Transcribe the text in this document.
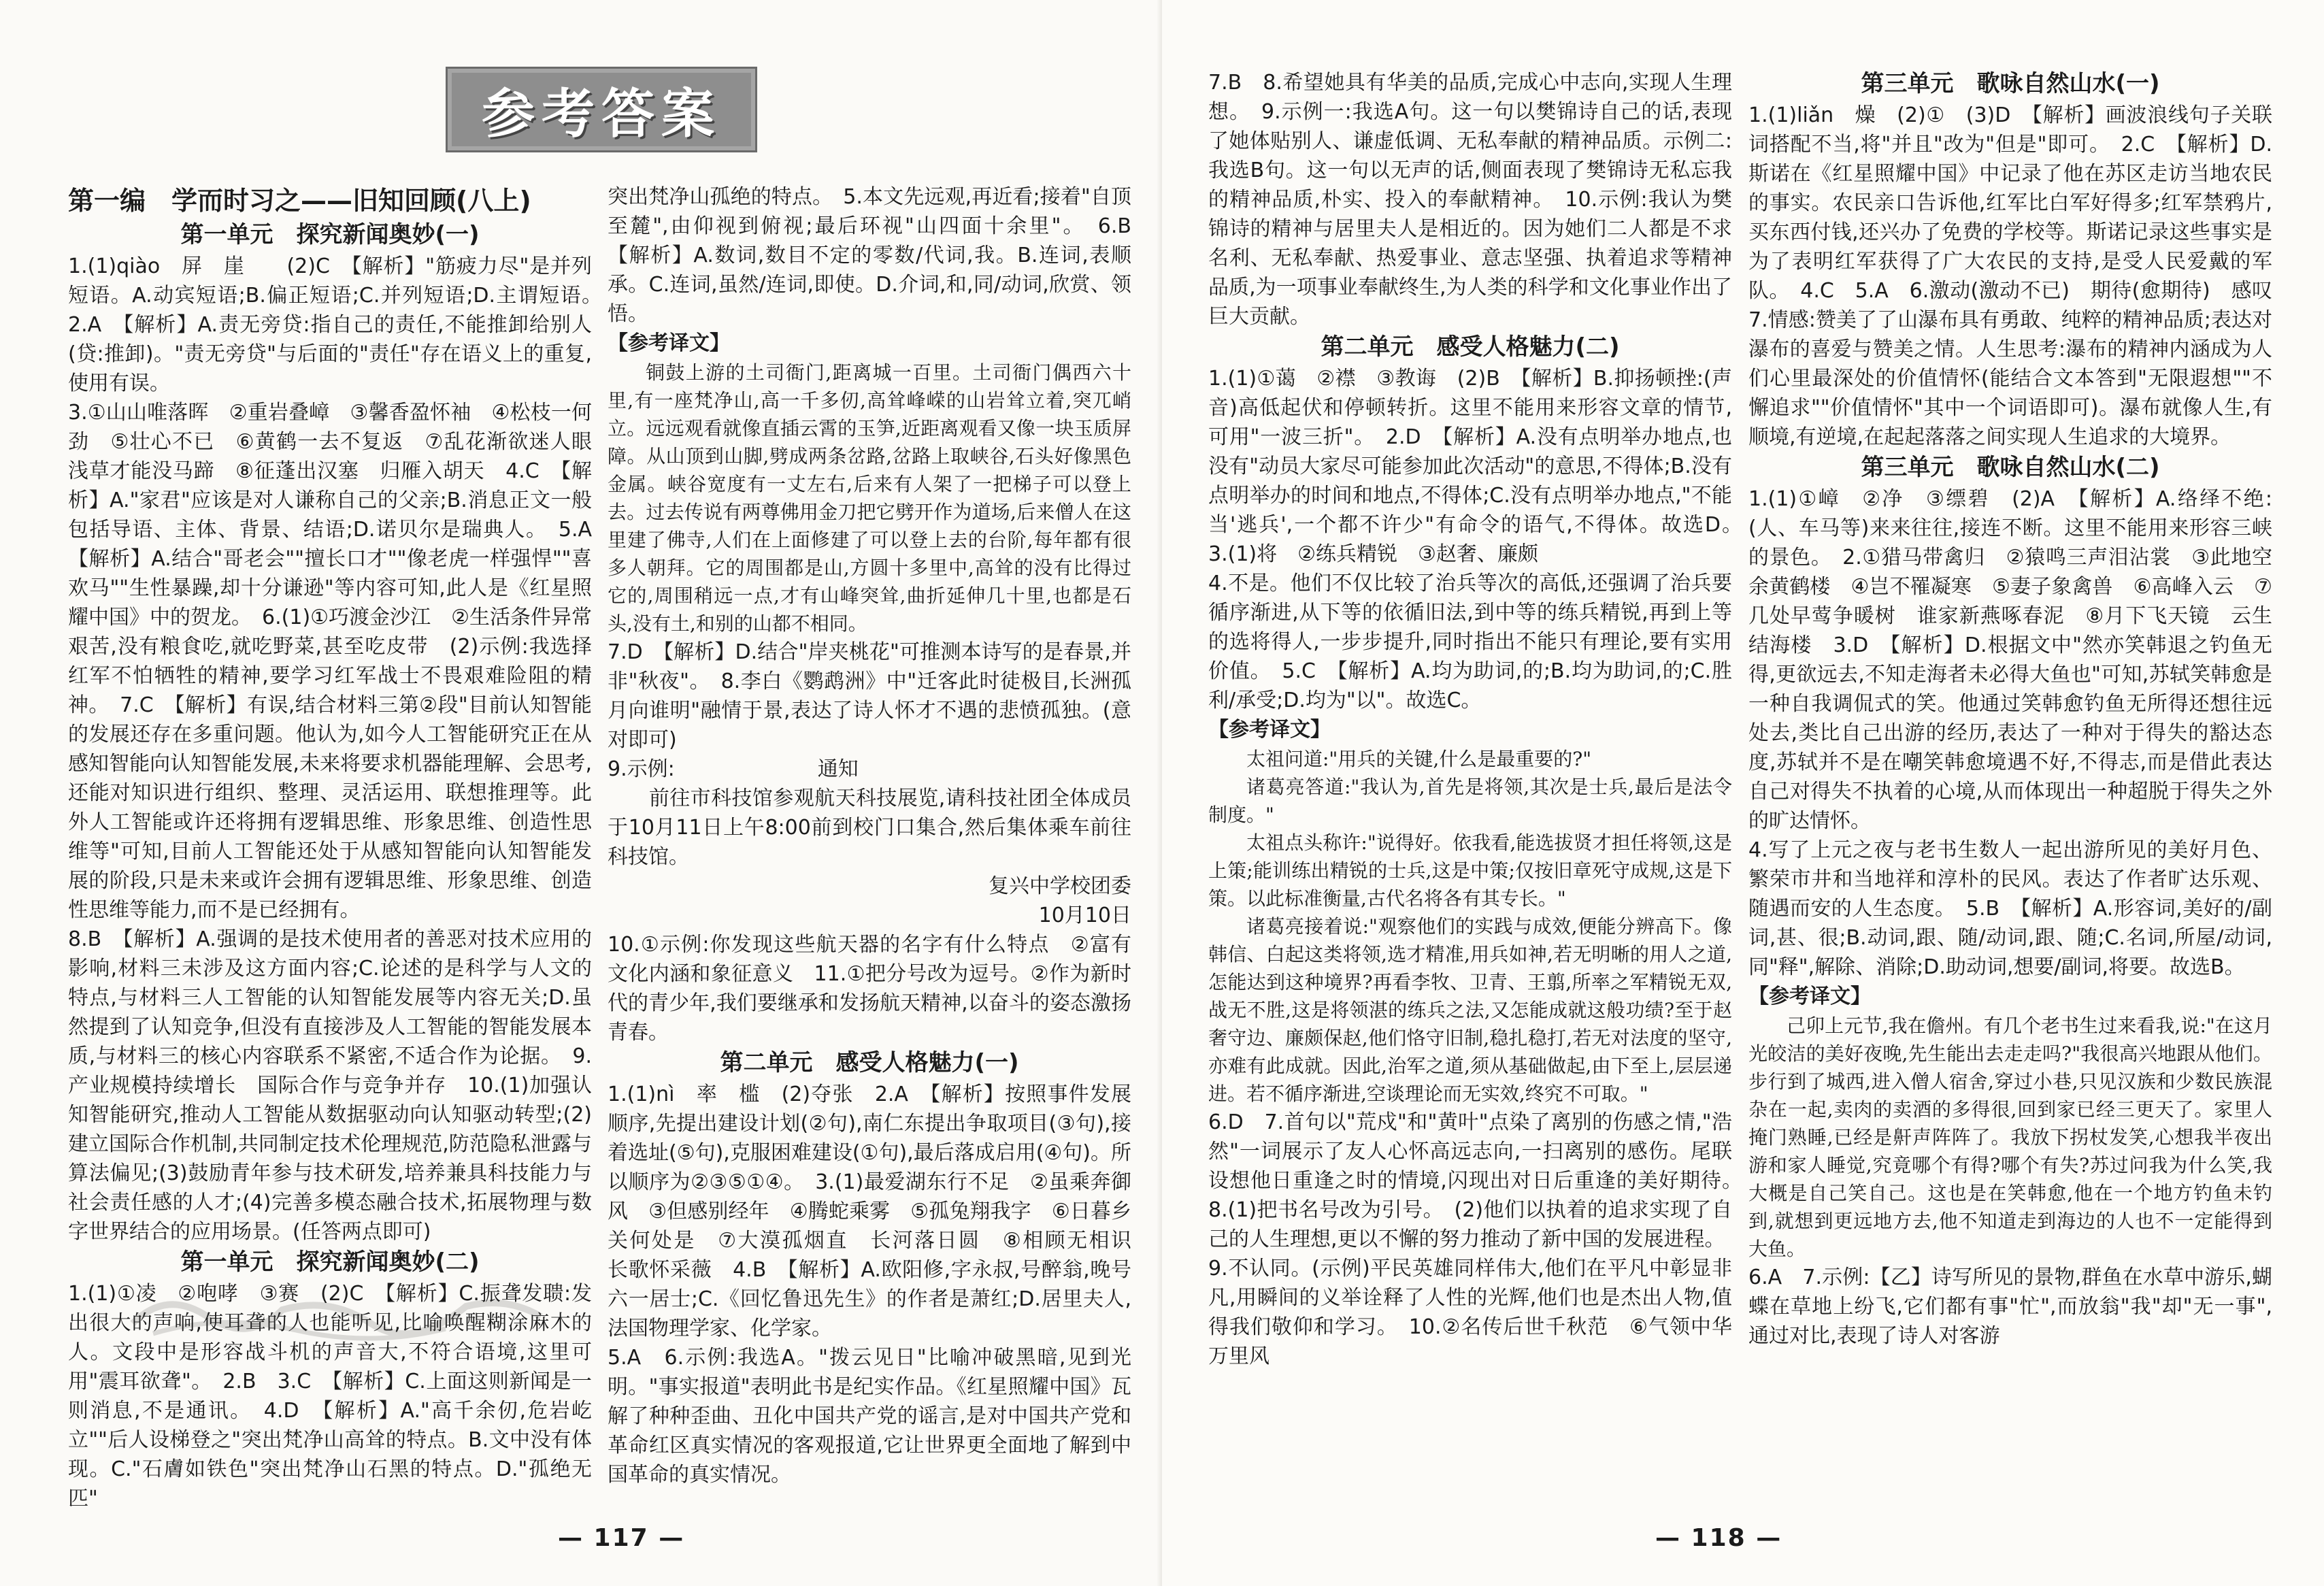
参考答案
第一编　学而时习之——旧知回顾(八上)

第一单元　探究新闻奥妙(一)

1.(1)qiào　屏　崖　　(2)C　【解析】"筋疲力尽"是并列短语。A.动宾短语;B.偏正短语;C.并列短语;D.主谓短语。　2.A　【解析】A.责无旁贷:指自己的责任,不能推卸给别人(贷:推卸)。"责无旁贷"与后面的"责任"存在语义上的重复,使用有误。

3.①山山唯落晖　②重岩叠嶂　③馨香盈怀袖　④松枝一何劲　⑤壮心不已　⑥黄鹤一去不复返　⑦乱花渐欲迷人眼　浅草才能没马蹄　⑧征蓬出汉塞　归雁入胡天　4.C　【解析】A."家君"应该是对人谦称自己的父亲;B.消息正文一般包括导语、主体、背景、结语;D.诺贝尔是瑞典人。　5.A　【解析】A.结合"哥老会""擅长口才""像老虎一样强悍""喜欢马""生性暴躁,却十分谦逊"等内容可知,此人是《红星照耀中国》中的贺龙。　6.(1)①巧渡金沙江　②生活条件异常艰苦,没有粮食吃,就吃野菜,甚至吃皮带　(2)示例:我选择红军不怕牺牲的精神,要学习红军战士不畏艰难险阻的精神。　7.C　【解析】有误,结合材料三第②段"目前认知智能的发展还存在多重问题。他认为,如今人工智能研究正在从感知智能向认知智能发展,未来将要求机器能理解、会思考,还能对知识进行组织、整理、灵活运用、联想推理等。此外人工智能或许还将拥有逻辑思维、形象思维、创造性思维等"可知,目前人工智能还处于从感知智能向认知智能发展的阶段,只是未来或许会拥有逻辑思维、形象思维、创造性思维等能力,而不是已经拥有。

8.B　【解析】A.强调的是技术使用者的善恶对技术应用的影响,材料三未涉及这方面内容;C.论述的是科学与人文的特点,与材料三人工智能的认知智能发展等内容无关;D.虽然提到了认知竞争,但没有直接涉及人工智能的智能发展本质,与材料三的核心内容联系不紧密,不适合作为论据。　9.产业规模持续增长　国际合作与竞争并存　10.(1)加强认知智能研究,推动人工智能从数据驱动向认知驱动转型;(2)建立国际合作机制,共同制定技术伦理规范,防范隐私泄露与算法偏见;(3)鼓励青年参与技术研发,培养兼具科技能力与社会责任感的人才;(4)完善多模态融合技术,拓展物理与数字世界结合的应用场景。(任答两点即可)

第一单元　探究新闻奥妙(二)

1.(1)①凌　②咆哮　③赛　(2)C　【解析】C.振聋发聩:发出很大的声响,使耳聋的人也能听见,比喻唤醒糊涂麻木的人。文段中是形容战斗机的声音大,不符合语境,这里可用"震耳欲聋"。　2.B　3.C　【解析】C.上面这则新闻是一则消息,不是通讯。　4.D　【解析】A."高千余仞,危岩屹立""后人设梯登之"突出梵净山高耸的特点。B.文中没有体现。C."石膚如铁色"突出梵净山石黑的特点。D."孤绝无匹"

突出梵净山孤绝的特点。　5.本文先远观,再近看;接着"自顶至麓",由仰视到俯视;最后环视"山四面十余里"。　6.B　【解析】A.数词,数目不定的零数/代词,我。B.连词,表顺承。C.连词,虽然/连词,即使。D.介词,和,同/动词,欣赏、领悟。

【参考译文】

铜鼓上游的土司衙门,距离城一百里。土司衙门偶西六十里,有一座梵净山,高一千多仞,高耸峰嵘的山岩耸立着,突兀峭立。远远观看就像直插云霄的玉笋,近距离观看又像一块玉质屏障。从山顶到山脚,劈成两条岔路,岔路上取峡谷,石头好像黑色金属。峡谷宽度有一丈左右,后来有人架了一把梯子可以登上去。过去传说有两尊佛用金刀把它劈开作为道场,后来僧人在这里建了佛寺,人们在上面修建了可以登上去的台阶,每年都有很多人朝拜。它的周围都是山,方圆十多里中,高耸的没有比得过它的,周围稍远一点,才有山峰突耸,曲折延伸几十里,也都是石头,没有土,和别的山都不相同。

7.D　【解析】D.结合"岸夹桃花"可推测本诗写的是春景,并非"秋夜"。　8.李白《鹦鹉洲》中"迁客此时徒极目,长洲孤月向谁明"融情于景,表达了诗人怀才不遇的悲愤孤独。(意对即可)

9.示例:　　　　　　　通知

　　前往市科技馆参观航天科技展览,请科技社团全体成员于10月11日上午8:00前到校门口集合,然后集体乘车前往科技馆。

复兴中学校团委

10月10日　

10.①示例:你发现这些航天器的名字有什么特点　②富有文化内涵和象征意义　11.①把分号改为逗号。②作为新时代的青少年,我们要继承和发扬航天精神,以奋斗的姿态激扬青春。

第二单元　感受人格魅力(一)

1.(1)nì　率　槛　(2)夺张　2.A　【解析】按照事件发展顺序,先提出建设计划(②句),南仁东提出争取项目(③句),接着选址(⑤句),克服困难建设(①句),最后落成启用(④句)。所以顺序为②③⑤①④。　3.(1)最爱湖东行不足　②虽乘奔御风　③但感别经年　④腾蛇乘雾　⑤孤兔翔我字　⑥日暮乡关何处是　⑦大漠孤烟直　长河落日圆　⑧相顾无相识　长歌怀采薇　4.B　【解析】A.欧阳修,字永叔,号醉翁,晚号六一居士;C.《回忆鲁迅先生》的作者是萧红;D.居里夫人,法国物理学家、化学家。

5.A　6.示例:我选A。"拨云见日"比喻冲破黑暗,见到光明。"事实报道"表明此书是纪实作品。《红星照耀中国》瓦解了种种歪曲、丑化中国共产党的谣言,是对中国共产党和革命红区真实情况的客观报道,它让世界更全面地了解到中国革命的真实情况。

— 117 —

7.B　8.希望她具有华美的品质,完成心中志向,实现人生理想。　9.示例一:我选A句。这一句以樊锦诗自己的话,表现了她体贴别人、谦虚低调、无私奉献的精神品质。示例二:我选B句。这一句以无声的话,侧面表现了樊锦诗无私忘我的精神品质,朴实、投入的奉献精神。　10.示例:我认为樊锦诗的精神与居里夫人是相近的。因为她们二人都是不求名利、无私奉献、热爱事业、意志坚强、执着追求等精神品质,为一项事业奉献终生,为人类的科学和文化事业作出了巨大贡献。

第二单元　感受人格魅力(二)

1.(1)①蔼　②襟　③教诲　(2)B　【解析】B.抑扬顿挫:(声音)高低起伏和停顿转折。这里不能用来形容文章的情节,可用"一波三折"。　2.D　【解析】A.没有点明举办地点,也没有"动员大家尽可能参加此次活动"的意思,不得体;B.没有点明举办的时间和地点,不得体;C.没有点明举办地点,"不能当'逃兵',一个都不许少"有命令的语气,不得体。故选D。　3.(1)将　②练兵精锐　③赵奢、廉颇

4.不是。他们不仅比较了治兵等次的高低,还强调了治兵要循序渐进,从下等的依循旧法,到中等的练兵精锐,再到上等的选将得人,一步步提升,同时指出不能只有理论,要有实用价值。　5.C　【解析】A.均为助词,的;B.均为助词,的;C.胜利/承受;D.均为"以"。故选C。

【参考译文】

太祖问道:"用兵的关键,什么是最重要的?"

诸葛亮答道:"我认为,首先是将领,其次是士兵,最后是法令制度。"

太祖点头称许:"说得好。依我看,能选拔贤才担任将领,这是上策;能训练出精锐的士兵,这是中策;仅按旧章死守成规,这是下策。以此标准衡量,古代名将各有其专长。"

诸葛亮接着说:"观察他们的实践与成效,便能分辨高下。像韩信、白起这类将领,选才精准,用兵如神,若无明晰的用人之道,怎能达到这种境界?再看李牧、卫青、王翦,所率之军精锐无双,战无不胜,这是将领湛的练兵之法,又怎能成就这般功绩?至于赵奢守边、廉颇保赵,他们恪守旧制,稳扎稳打,若无对法度的坚守,亦难有此成就。因此,治军之道,须从基础做起,由下至上,层层递进。若不循序渐进,空谈理论而无实效,终究不可取。"

6.D　7.首句以"荒戍"和"黄叶"点染了离别的伤感之情,"浩然"一词展示了友人心怀高远志向,一扫离别的感伤。尾联设想他日重逢之时的情境,闪现出对日后重逢的美好期待。　8.(1)把书名号改为引号。　(2)他们以执着的追求实现了自己的人生理想,更以不懈的努力推动了新中国的发展进程。

9.不认同。(示例)平民英雄同样伟大,他们在平凡中彰显非凡,用瞬间的义举诠释了人性的光辉,他们也是杰出人物,值得我们敬仰和学习。　10.②名传后世千秋范　⑥气领中华万里风

第三单元　歌咏自然山水(一)

1.(1)liǎn　燥　(2)①　(3)D　【解析】画波浪线句子关联词搭配不当,将"并且"改为"但是"即可。　2.C　【解析】D.斯诺在《红星照耀中国》中记录了他在苏区走访当地农民的事实。农民亲口告诉他,红军比白军好得多;红军禁鸦片,买东西付钱,还兴办了免费的学校等。斯诺记录这些事实是为了表明红军获得了广大农民的支持,是受人民爱戴的军队。　4.C　5.A　6.激动(激动不已)　期待(愈期待)　感叹　7.情感:赞美了了山瀑布具有勇敢、纯粹的精神品质;表达对瀑布的喜爱与赞美之情。人生思考:瀑布的精神内涵成为人们心里最深处的价值情怀(能结合文本答到"无限遐想""不懈追求""价值情怀"其中一个词语即可)。瀑布就像人生,有顺境,有逆境,在起起落落之间实现人生追求的大境界。

第三单元　歌咏自然山水(二)

1.(1)①嶂　②净　③缥碧　(2)A　【解析】A.络绎不绝:(人、车马等)来来往往,接连不断。这里不能用来形容三峡的景色。　2.①猎马带禽归　②猿鸣三声泪沾裳　③此地空余黄鹤楼　④岂不罹凝寒　⑤妻子象禽兽　⑥高峰入云　⑦几处早莺争暖树　谁家新燕啄春泥　⑧月下飞天镜　云生结海楼　3.D　【解析】D.根据文中"然亦笑韩退之钓鱼无得,更欲远去,不知走海者未必得大鱼也"可知,苏轼笑韩愈是一种自我调侃式的笑。他通过笑韩愈钓鱼无所得还想往远处去,类比自己出游的经历,表达了一种对于得失的豁达态度,苏轼并不是在嘲笑韩愈境遇不好,不得志,而是借此表达自己对得失不执着的心境,从而体现出一种超脱于得失之外的旷达情怀。

4.写了上元之夜与老书生数人一起出游所见的美好月色、繁荣市井和当地祥和淳朴的民风。表达了作者旷达乐观、随遇而安的人生态度。　5.B　【解析】A.形容词,美好的/副词,甚、很;B.动词,跟、随/动词,跟、随;C.名词,所屋/动词,同"释",解除、消除;D.助动词,想要/副词,将要。故选B。

【参考译文】

己卯上元节,我在儋州。有几个老书生过来看我,说:"在这月光皎洁的美好夜晚,先生能出去走走吗?"我很高兴地跟从他们。步行到了城西,进入僧人宿舍,穿过小巷,只见汉族和少数民族混杂在一起,卖肉的卖酒的多得很,回到家已经三更天了。家里人掩门熟睡,已经是鼾声阵阵了。我放下拐杖发笑,心想我半夜出游和家人睡觉,究竟哪个有得?哪个有失?苏过问我为什么笑,我大概是自己笑自己。这也是在笑韩愈,他在一个地方钓鱼未钓到,就想到更远地方去,他不知道走到海边的人也不一定能得到大鱼。

6.A　7.示例:【乙】诗写所见的景物,群鱼在水草中游乐,蝴蝶在草地上纷飞,它们都有事"忙",而放翁"我"却"无一事",通过对比,表现了诗人对客游

— 118 —
